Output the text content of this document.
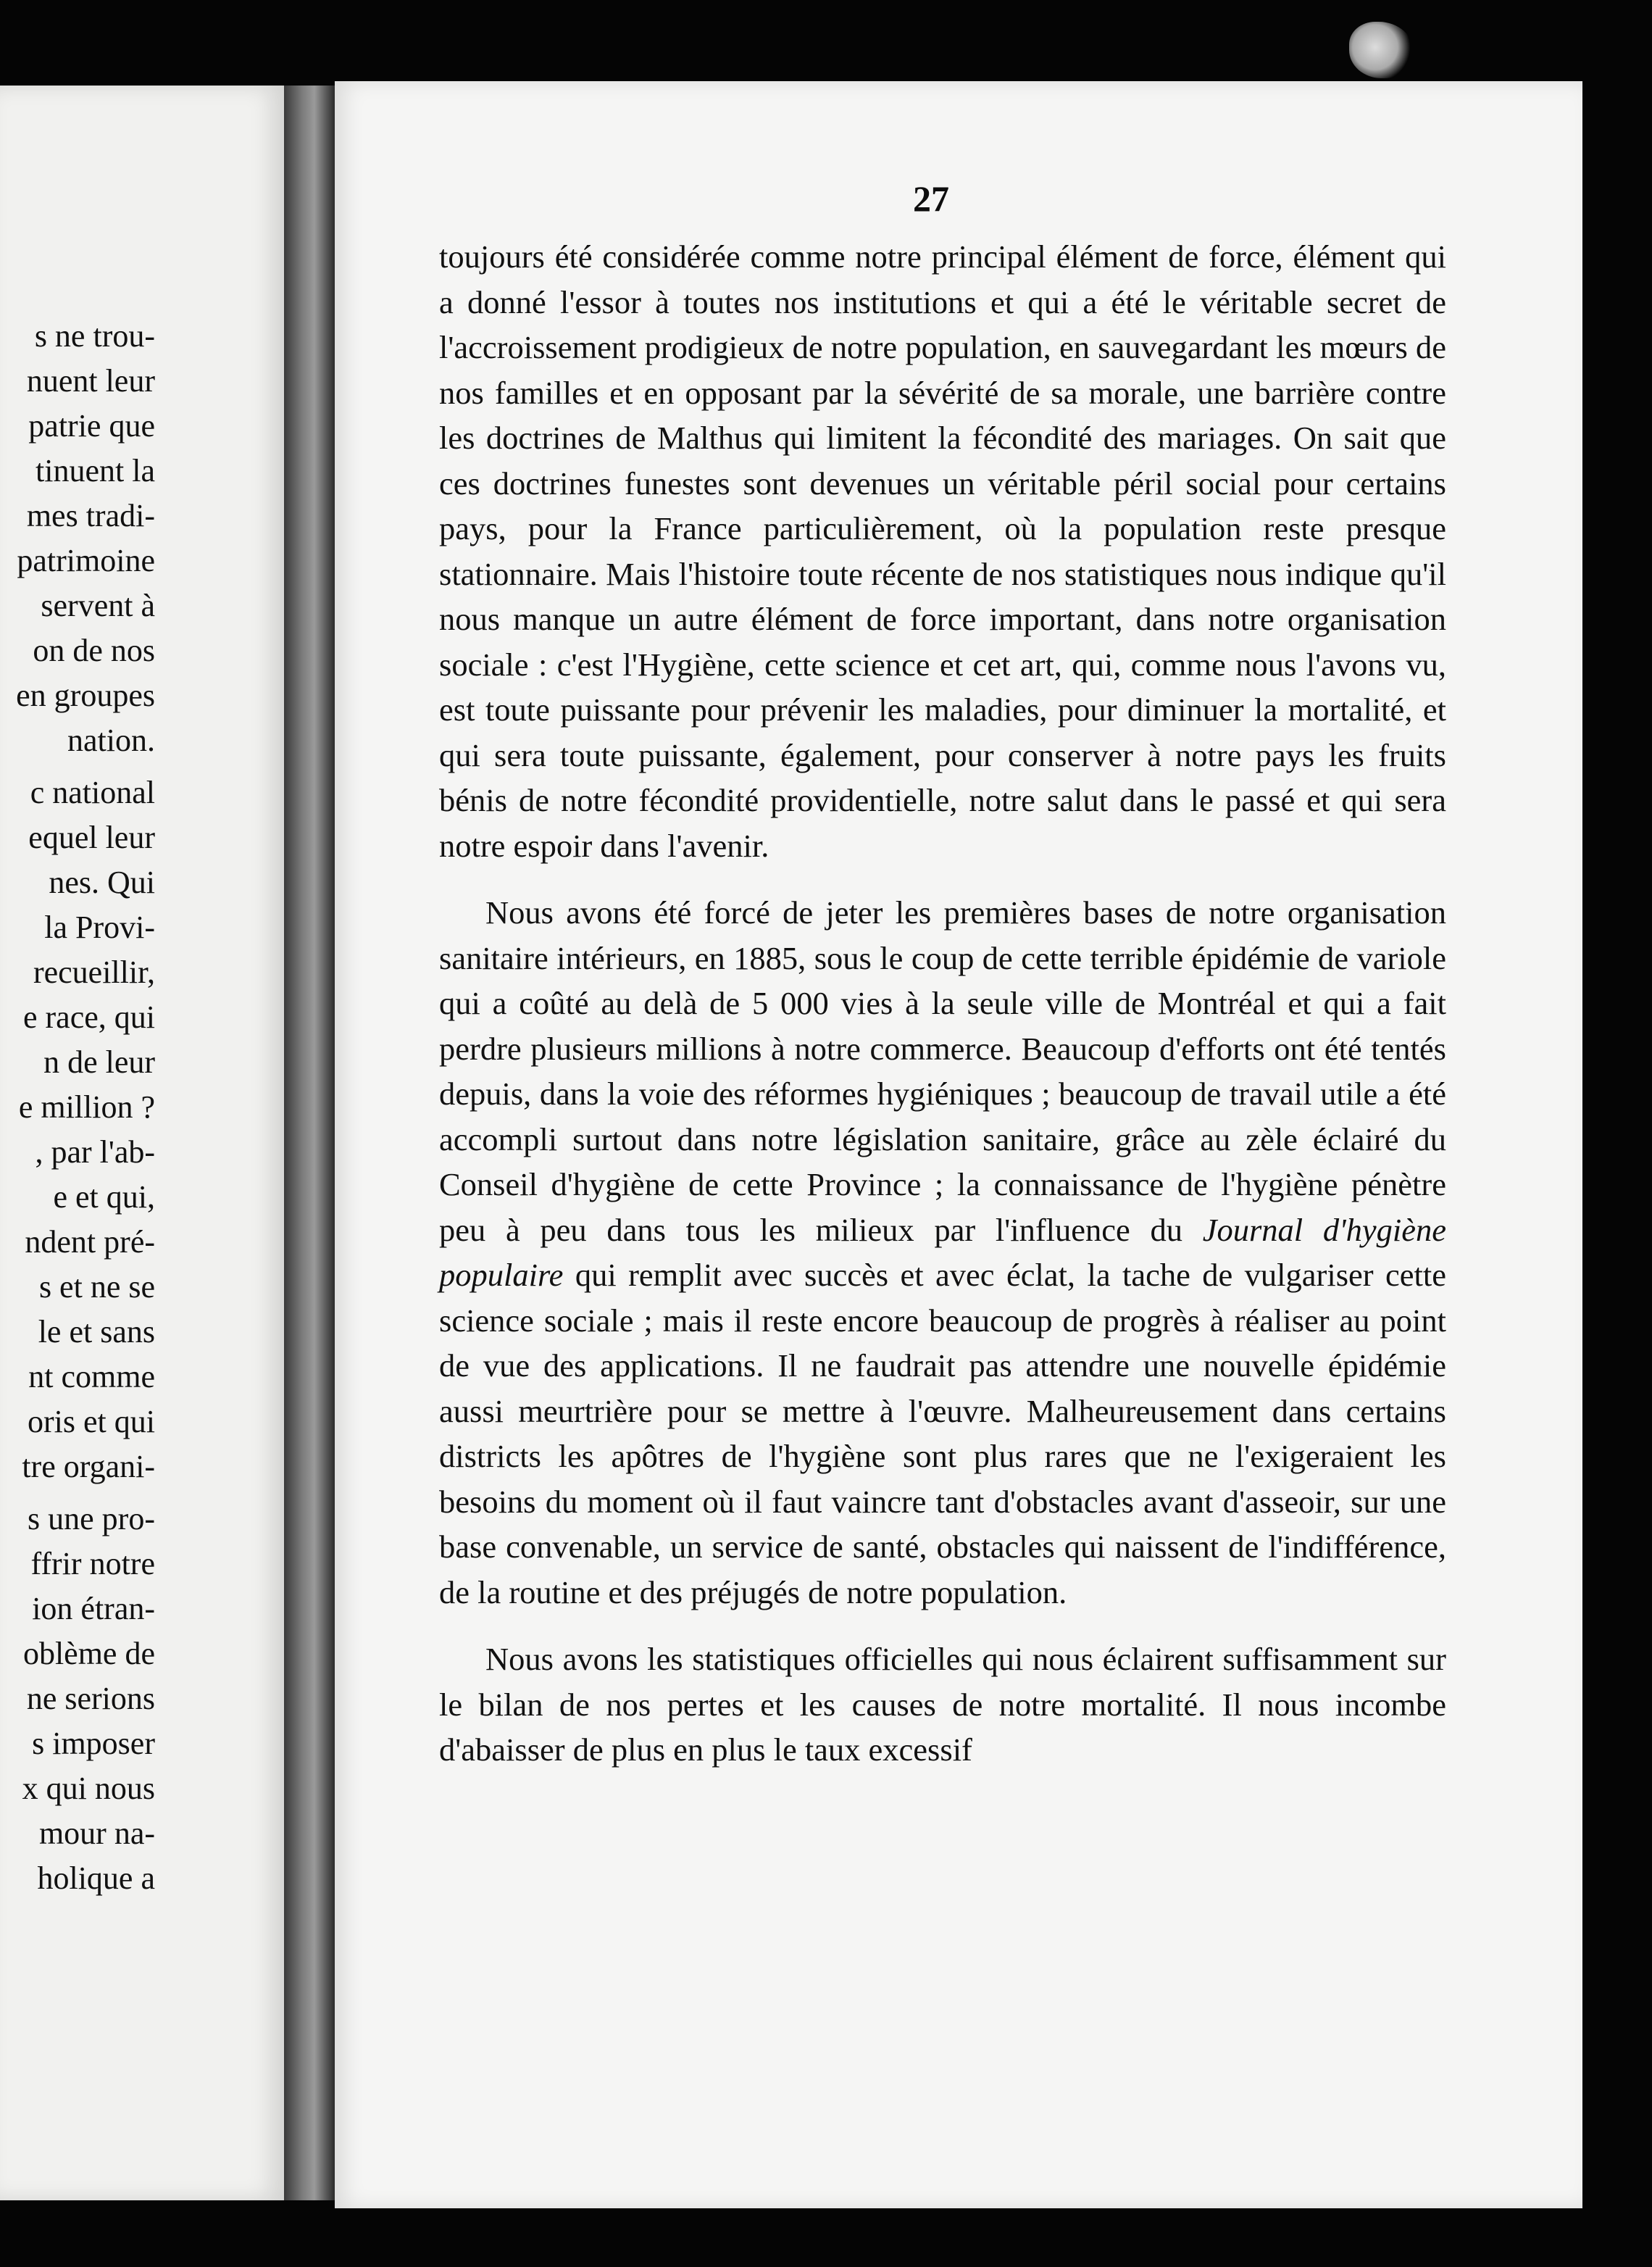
s ne trou-
nuent leur
patrie que
tinuent la
mes tradi-
patrimoine
servent à
on de nos
en groupes
nation.
c national
equel leur
nes. Qui
la Provi-
recueillir,
e race, qui
n de leur
e million ?
, par l'ab-
e et qui,
ndent pré-
s et ne se
le et sans
nt comme
oris et qui
tre organi-
s une pro-
ffrir notre
ion étran-
oblème de
ne serions
s imposer
x qui nous
mour na-
holique a
27

toujours été considérée comme notre principal élément de force, élément qui a donné l'essor à toutes nos institutions et qui a été le véritable secret de l'accroissement prodigieux de notre population, en sauvegardant les mœurs de nos familles et en opposant par la sévérité de sa morale, une barrière contre les doctrines de Malthus qui limitent la fécondité des mariages. On sait que ces doctrines funestes sont devenues un véritable péril social pour certains pays, pour la France particulièrement, où la population reste presque stationnaire. Mais l'histoire toute récente de nos statistiques nous indique qu'il nous manque un autre élément de force important, dans notre organisation sociale : c'est l'Hygiène, cette science et cet art, qui, comme nous l'avons vu, est toute puissante pour prévenir les maladies, pour diminuer la mortalité, et qui sera toute puissante, également, pour conserver à notre pays les fruits bénis de notre fécondité providentielle, notre salut dans le passé et qui sera notre espoir dans l'avenir.

Nous avons été forcé de jeter les premières bases de notre organisation sanitaire intérieurs, en 1885, sous le coup de cette terrible épidémie de variole qui a coûté au delà de 5 000 vies à la seule ville de Montréal et qui a fait perdre plusieurs millions à notre commerce. Beaucoup d'efforts ont été tentés depuis, dans la voie des réformes hygiéniques ; beaucoup de travail utile a été accompli surtout dans notre législation sanitaire, grâce au zèle éclairé du Conseil d'hygiène de cette Province ; la connaissance de l'hygiène pénètre peu à peu dans tous les milieux par l'influence du Journal d'hygiène populaire qui remplit avec succès et avec éclat, la tache de vulgariser cette science sociale ; mais il reste encore beaucoup de progrès à réaliser au point de vue des applications. Il ne faudrait pas attendre une nouvelle épidémie aussi meurtrière pour se mettre à l'œuvre. Malheureusement dans certains districts les apôtres de l'hygiène sont plus rares que ne l'exigeraient les besoins du moment où il faut vaincre tant d'obstacles avant d'asseoir, sur une base convenable, un service de santé, obstacles qui naissent de l'indifférence, de la routine et des préjugés de notre population.

Nous avons les statistiques officielles qui nous éclairent suffisamment sur le bilan de nos pertes et les causes de notre mortalité. Il nous incombe d'abaisser de plus en plus le taux excessif
